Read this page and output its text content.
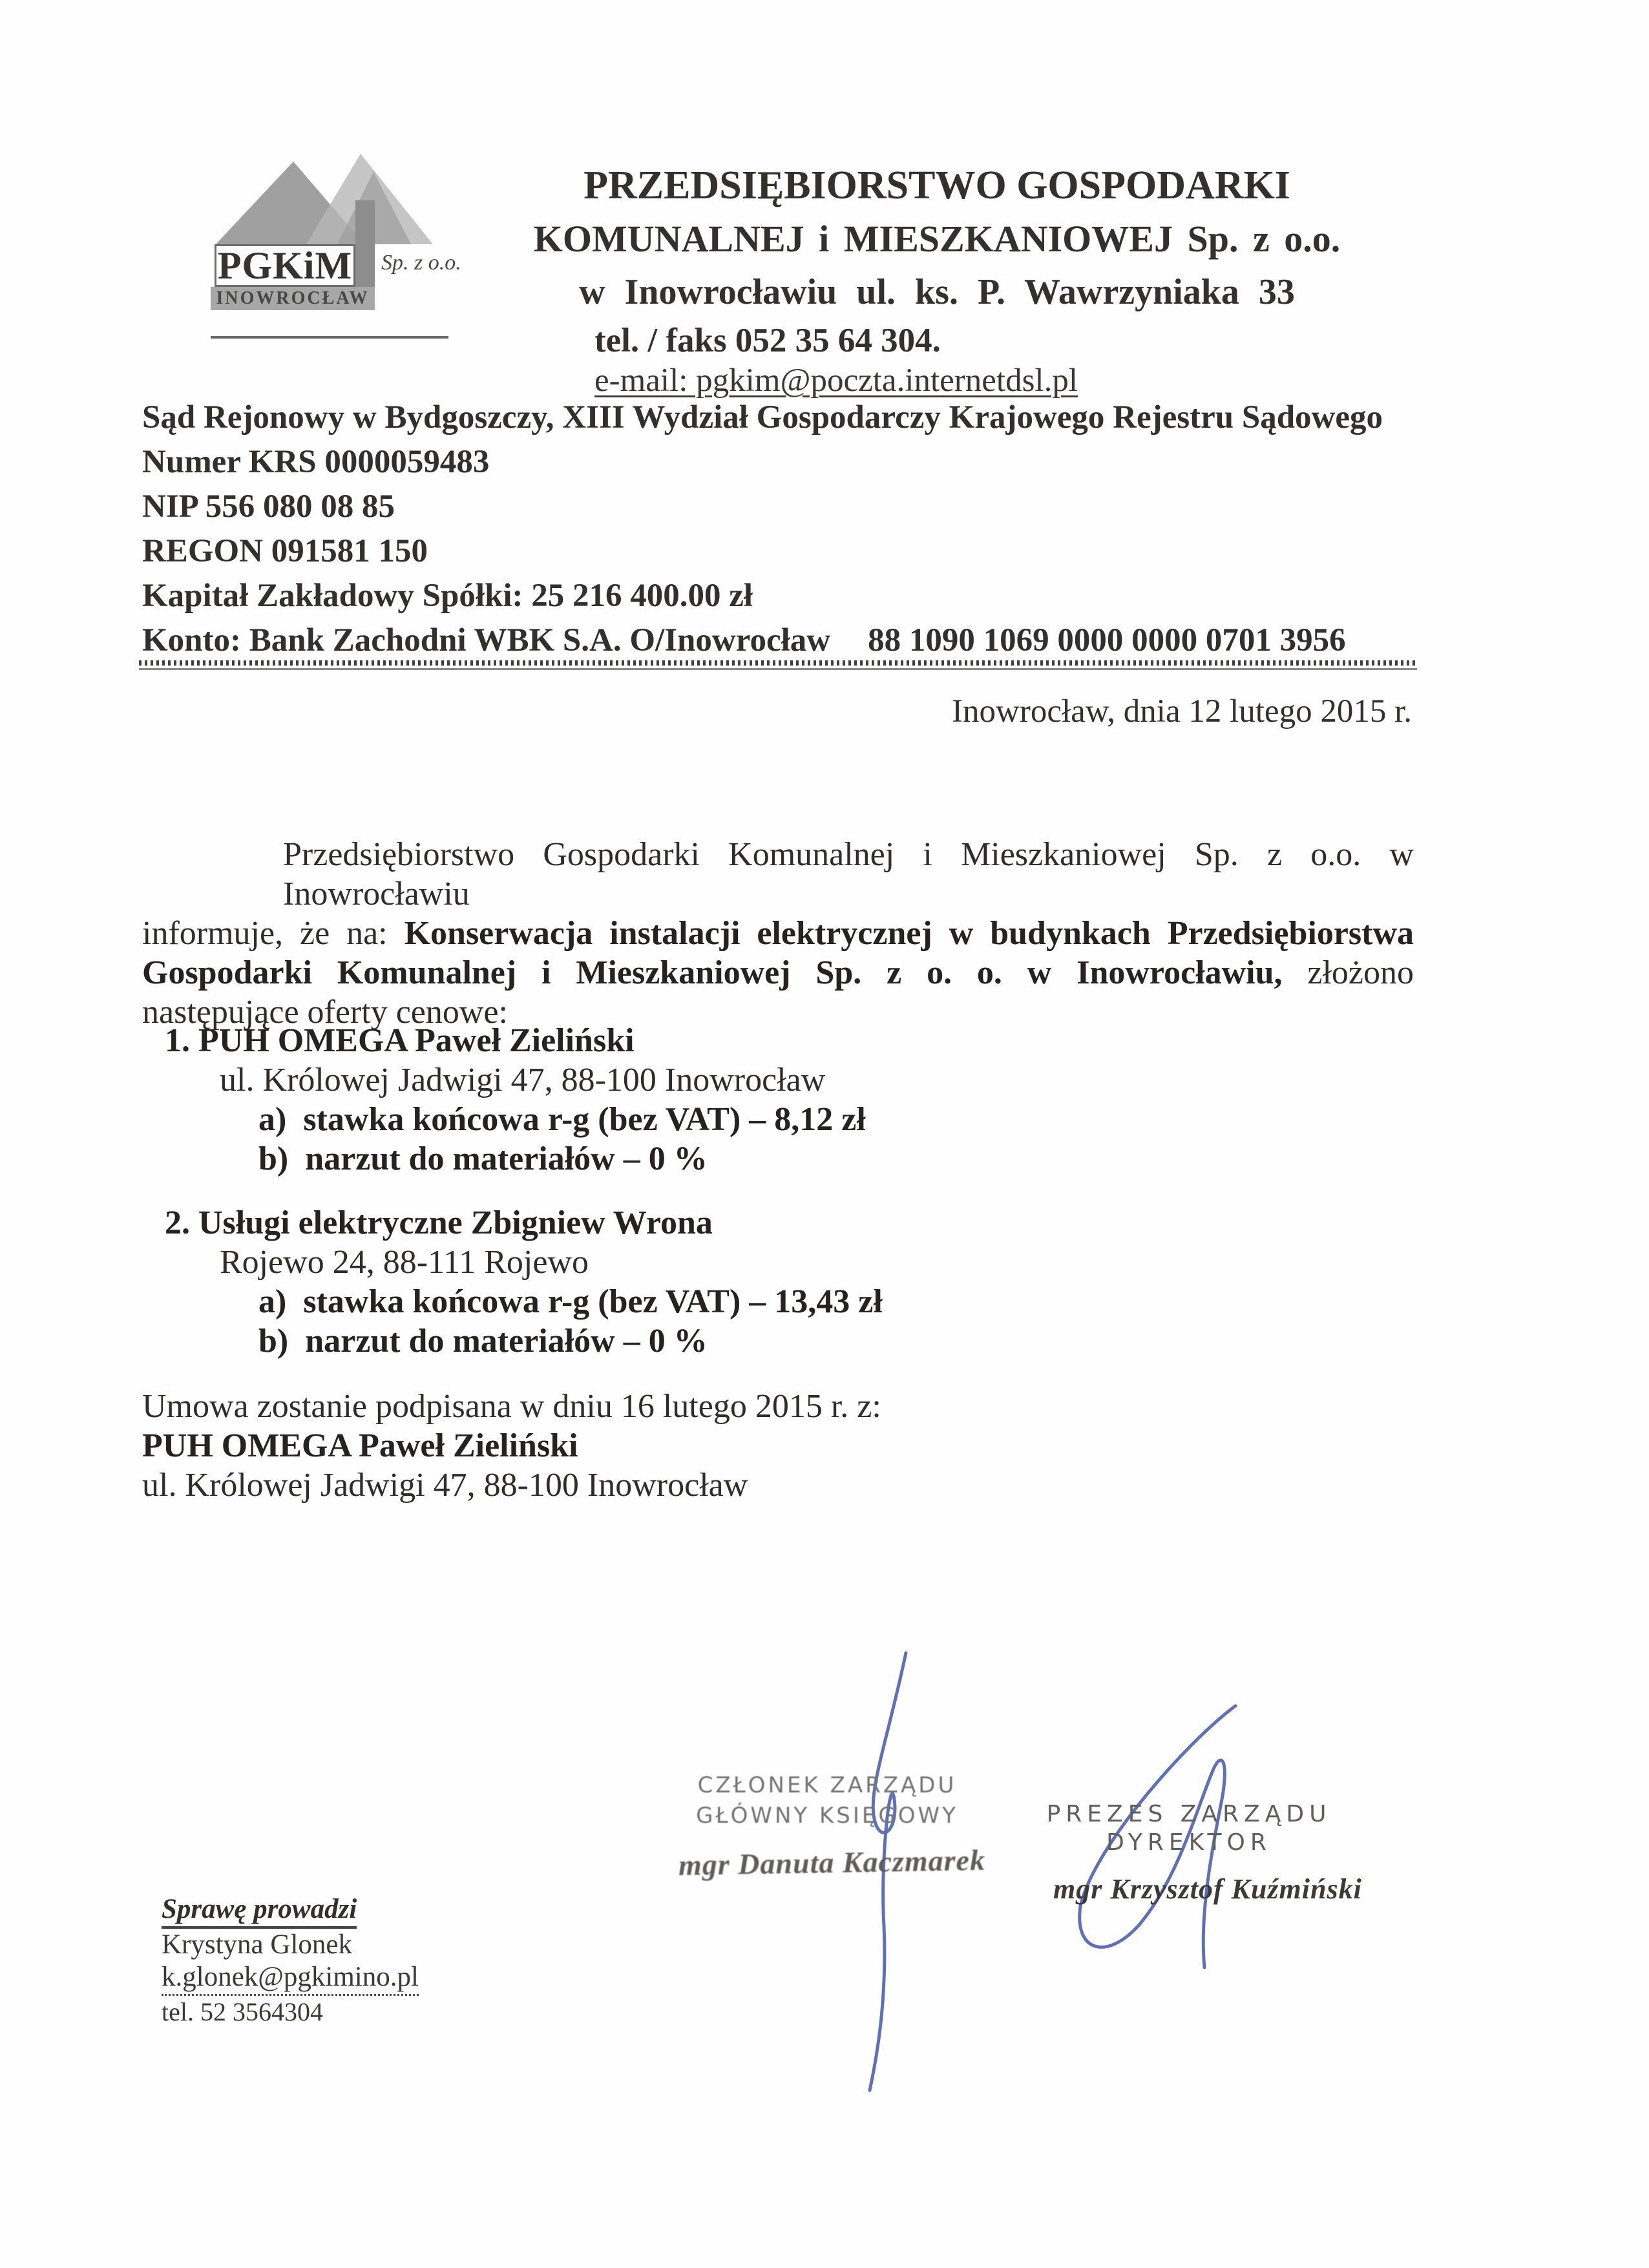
PGKiM Sp. z o.o.
INOWROCŁAW
PRZEDSIĘBIORSTWO GOSPODARKI
KOMUNALNEJ i MIESZKANIOWEJ Sp. z o.o.
w Inowrocławiu ul. ks. P. Wawrzyniaka 33
tel. / faks 052 35 64 304.
e-mail: pgkim@poczta.internetdsl.pl
Sąd Rejonowy w Bydgoszczy, XIII Wydział Gospodarczy Krajowego Rejestru Sądowego
Numer KRS 0000059483
NIP 556 080 08 85
REGON 091581 150
Kapitał Zakładowy Spółki: 25 216 400.00 zł
Konto: Bank Zachodni WBK S.A. O/Inowrocław 88 1090 1069 0000 0000 0701 3956
Inowrocław, dnia 12 lutego 2015 r.
Przedsiębiorstwo Gospodarki Komunalnej i Mieszkaniowej Sp. z o.o. w Inowrocławiu
informuje, że na: Konserwacja instalacji elektrycznej w budynkach Przedsiębiorstwa
Gospodarki Komunalnej i Mieszkaniowej Sp. z o. o. w Inowrocławiu, złożono
następujące oferty cenowe:
1. PUH OMEGA Paweł Zieliński
ul. Królowej Jadwigi 47, 88-100 Inowrocław
a)  stawka końcowa r-g (bez VAT) – 8,12 zł
b)  narzut do materiałów – 0 %
2. Usługi elektryczne Zbigniew Wrona
Rojewo 24, 88-111 Rojewo
a)  stawka końcowa r-g (bez VAT) – 13,43 zł
b)  narzut do materiałów – 0 %
Umowa zostanie podpisana w dniu 16 lutego 2015 r. z:
PUH OMEGA Paweł Zieliński
ul. Królowej Jadwigi 47, 88-100 Inowrocław
CZŁONEK ZARZĄDU
GŁÓWNY KSIĘGOWY
mgr Danuta Kaczmarek
PREZES ZARZĄDU
DYREKTOR
mgr Krzysztof Kuźmiński
Sprawę prowadzi
Krystyna Glonek
k.glonek@pgkimino.pl
tel. 52 3564304
